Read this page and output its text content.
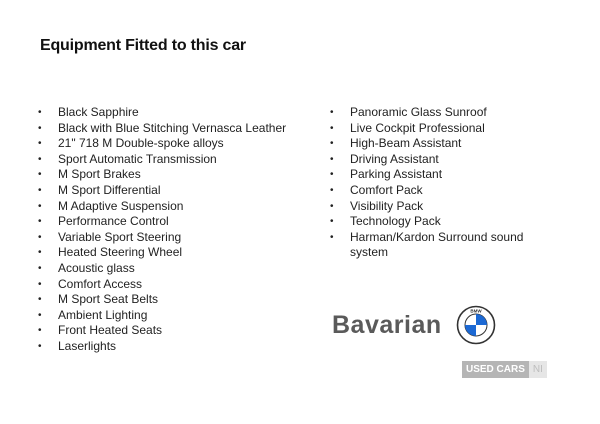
Equipment Fitted to this car
• Black Sapphire
• Black with Blue Stitching Vernasca Leather
• 21" 718 M Double-spoke alloys
• Sport Automatic Transmission
• M Sport Brakes
• M Sport Differential
• M Adaptive Suspension
• Performance Control
• Variable Sport Steering
• Heated Steering Wheel
• Acoustic glass
• Comfort Access
• M Sport Seat Belts
• Ambient Lighting
• Front Heated Seats
• Laserlights
• Panoramic Glass Sunroof
• Live Cockpit Professional
• High-Beam Assistant
• Driving Assistant
• Parking Assistant
• Comfort Pack
• Visibility Pack
• Technology Pack
• Harman/Kardon Surround sound system
Bavarian	BMW
USED CARS NI
